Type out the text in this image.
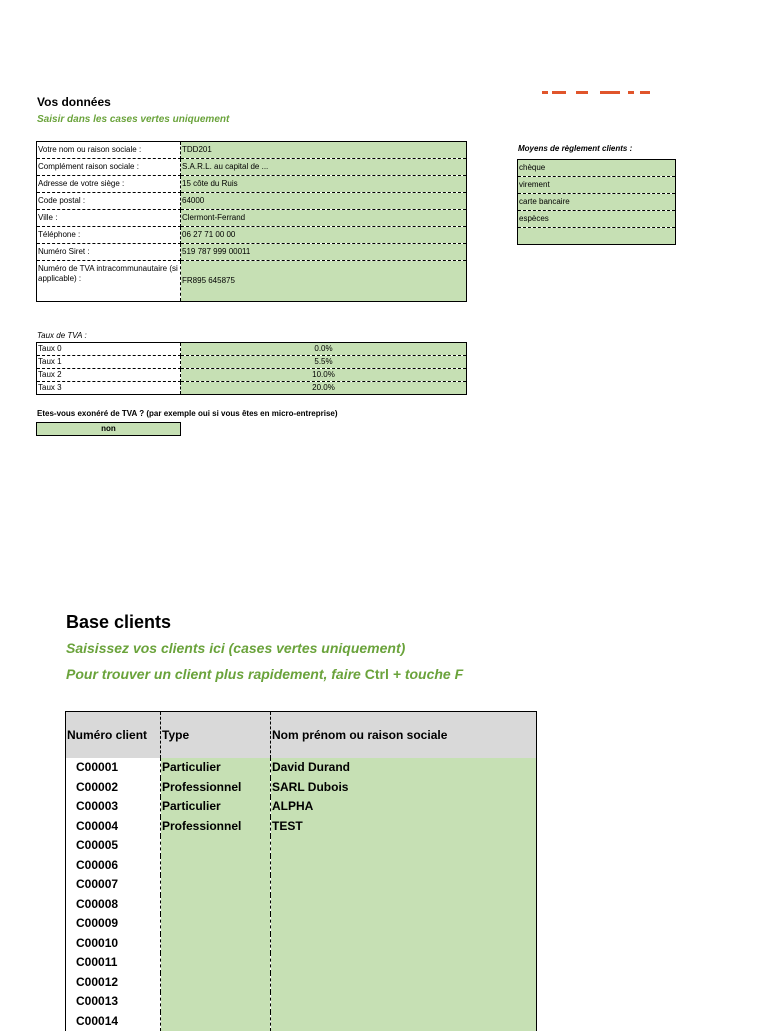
Vos données
Saisir dans les cases vertes uniquement
Votre nom ou raison sociale :	TDD201
Complément raison sociale :	S.A.R.L. au capital de ...
Adresse de votre siège :	15 côte du Ruis
Code postal :	64000
Ville :	Clermont-Ferrand
Téléphone :	06 27 71 00 00
Numéro Siret :	519 787 999 00011
Numéro de TVA intracommunautaire (si applicable) :	FR895 645875
Moyens de règlement clients :
chèque
virement
carte bancaire
espèces

Taux de TVA :
Taux 0	0.0%
Taux 1	5.5%
Taux 2	10.0%
Taux 3	20.0%
Etes-vous exonéré de TVA ? (par exemple oui si vous êtes en micro-entreprise)
non
Base clients
Saisissez vos clients ici (cases vertes uniquement)
Pour trouver un client plus rapidement, faire Ctrl + touche F
Numéro client	Type	Nom prénom ou raison sociale
C00001	Particulier	David Durand
C00002	Professionnel	SARL Dubois
C00003	Particulier	ALPHA
C00004	Professionnel	TEST
C00005		
C00006		
C00007		
C00008		
C00009		
C00010		
C00011		
C00012		
C00013		
C00014		
